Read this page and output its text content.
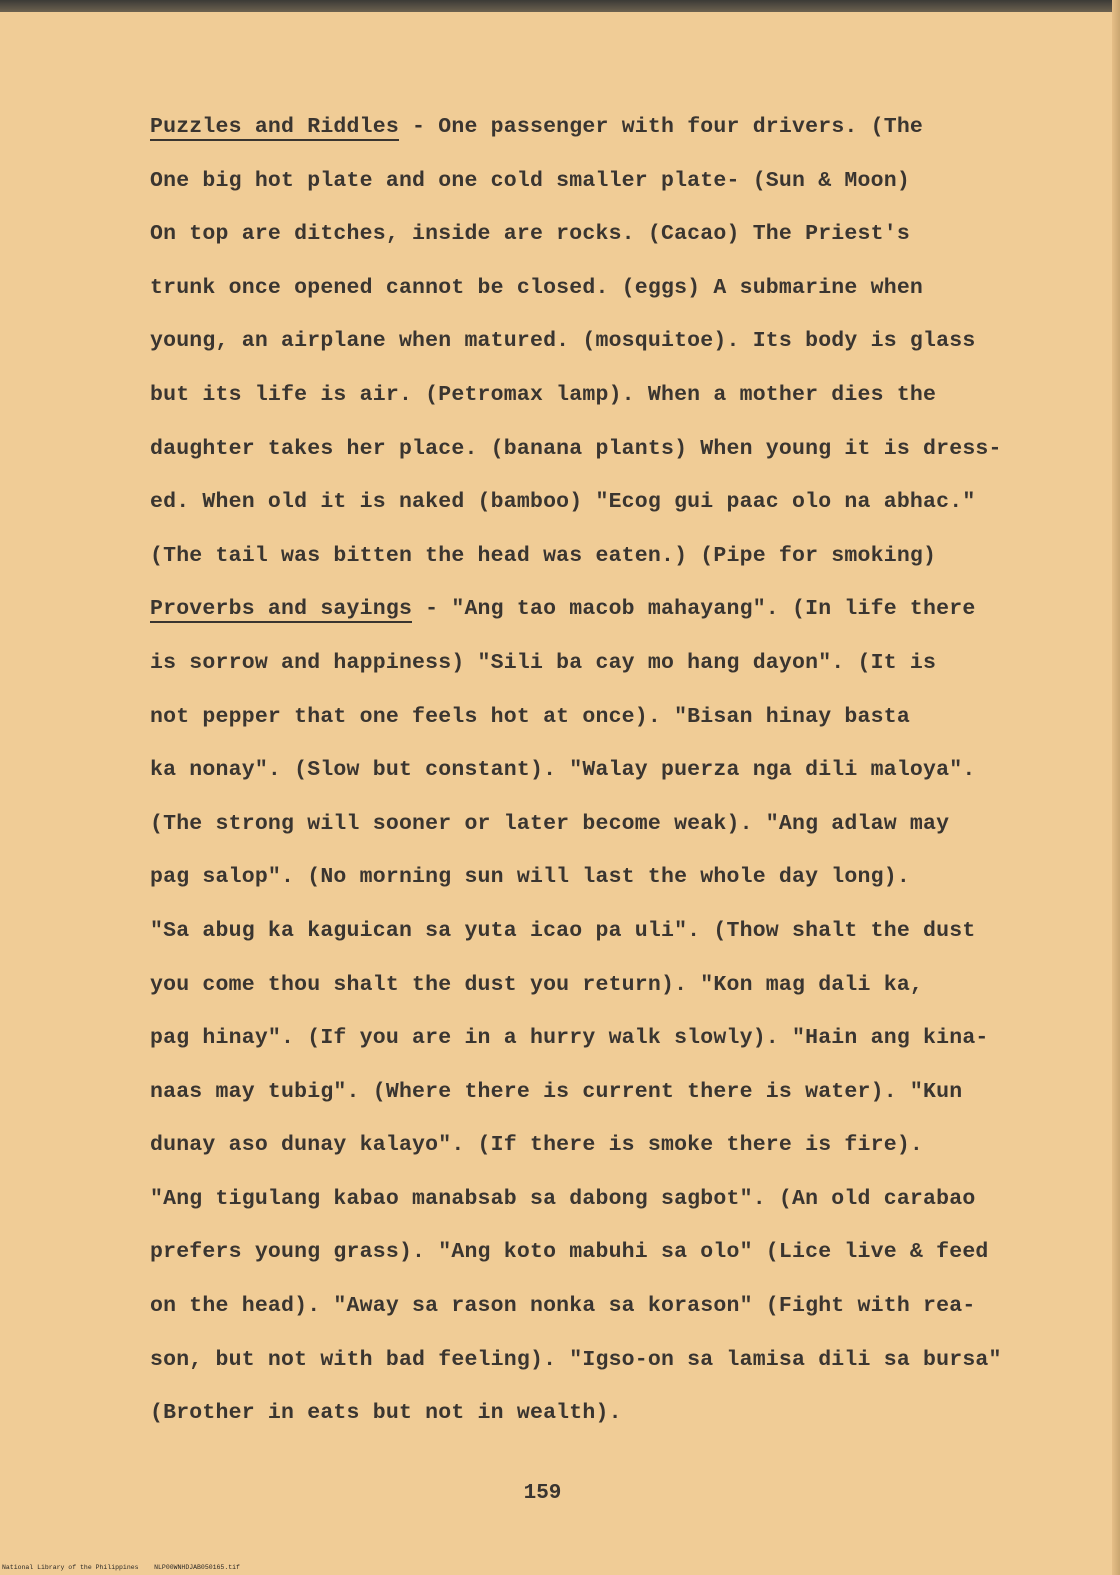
Puzzles and Riddles - One passenger with four drivers. (The
One big hot plate and one cold smaller plate- (Sun & Moon)
On top are ditches, inside are rocks. (Cacao) The Priest's
trunk once opened cannot be closed. (eggs) A submarine when
young, an airplane when matured. (mosquitoe). Its body is glass
but its life is air. (Petromax lamp). When a mother dies the
daughter takes her place. (banana plants) When young it is dress-
ed. When old it is naked (bamboo) "Ecog gui paac olo na abhac."
(The tail was bitten the head was eaten.) (Pipe for smoking)
Proverbs and sayings - "Ang tao macob mahayang". (In life there
is sorrow and happiness) "Sili ba cay mo hang dayon". (It is
not pepper that one feels hot at once). "Bisan hinay basta
ka nonay". (Slow but constant). "Walay puerza nga dili maloya".
(The strong will sooner or later become weak). "Ang adlaw may
pag salop". (No morning sun will last the whole day long).
"Sa abug ka kaguican sa yuta icao pa uli". (Thow shalt the dust
you come thou shalt the dust you return). "Kon mag dali ka,
pag hinay". (If you are in a hurry walk slowly). "Hain ang kina-
naas may tubig". (Where there is current there is water). "Kun
dunay aso dunay kalayo". (If there is smoke there is fire).
"Ang tigulang kabao manabsab sa dabong sagbot". (An old carabao
prefers young grass). "Ang koto mabuhi sa olo" (Lice live & feed
on the head). "Away sa rason nonka sa korason" (Fight with rea-
son, but not with bad feeling). "Igso-on sa lamisa dili sa bursa"
(Brother in eats but not in wealth).
159
National Library of the Philippines    NLP00WNHDJAB050165.tif
